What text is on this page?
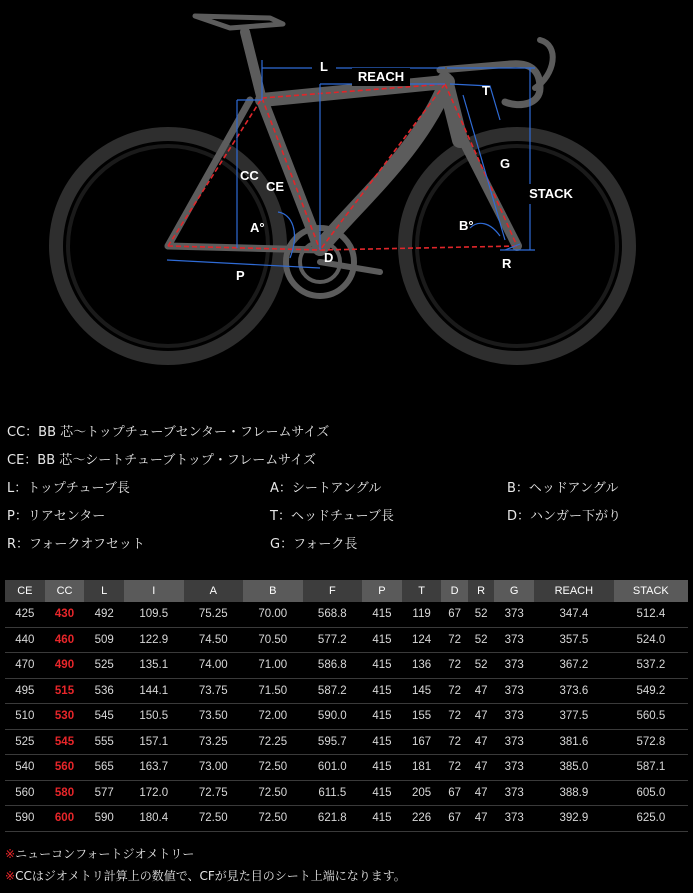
L
REACH
T
G
STACK
CC
CE
A°	B°
P
D	R
CC：BB 芯～トップチューブセンター・フレームサイズ
CE：BB 芯～シートチューブトップ・フレームサイズ
L：トップチューブ長	A：シートアングル	B：ヘッドアングル
P：リアセンター	T：ヘッドチューブ長	D：ハンガー下がり
R：フォークオフセット	G：フォーク長
CE	CC	L	I	A	B	F	P	T	D	R	G	REACH	STACK
425	430	492	109.5	75.25	70.00	568.8	415	119	67	52	373	347.4	512.4
440	460	509	122.9	74.50	70.50	577.2	415	124	72	52	373	357.5	524.0
470	490	525	135.1	74.00	71.00	586.8	415	136	72	52	373	367.2	537.2
495	515	536	144.1	73.75	71.50	587.2	415	145	72	47	373	373.6	549.2
510	530	545	150.5	73.50	72.00	590.0	415	155	72	47	373	377.5	560.5
525	545	555	157.1	73.25	72.25	595.7	415	167	72	47	373	381.6	572.8
540	560	565	163.7	73.00	72.50	601.0	415	181	72	47	373	385.0	587.1
560	580	577	172.0	72.75	72.50	611.5	415	205	67	47	373	388.9	605.0
590	600	590	180.4	72.50	72.50	621.8	415	226	67	47	373	392.9	625.0
※ニューコンフォートジオメトリー
※CCはジオメトリ計算上の数値で、CFが見た目のシート上端になります。
